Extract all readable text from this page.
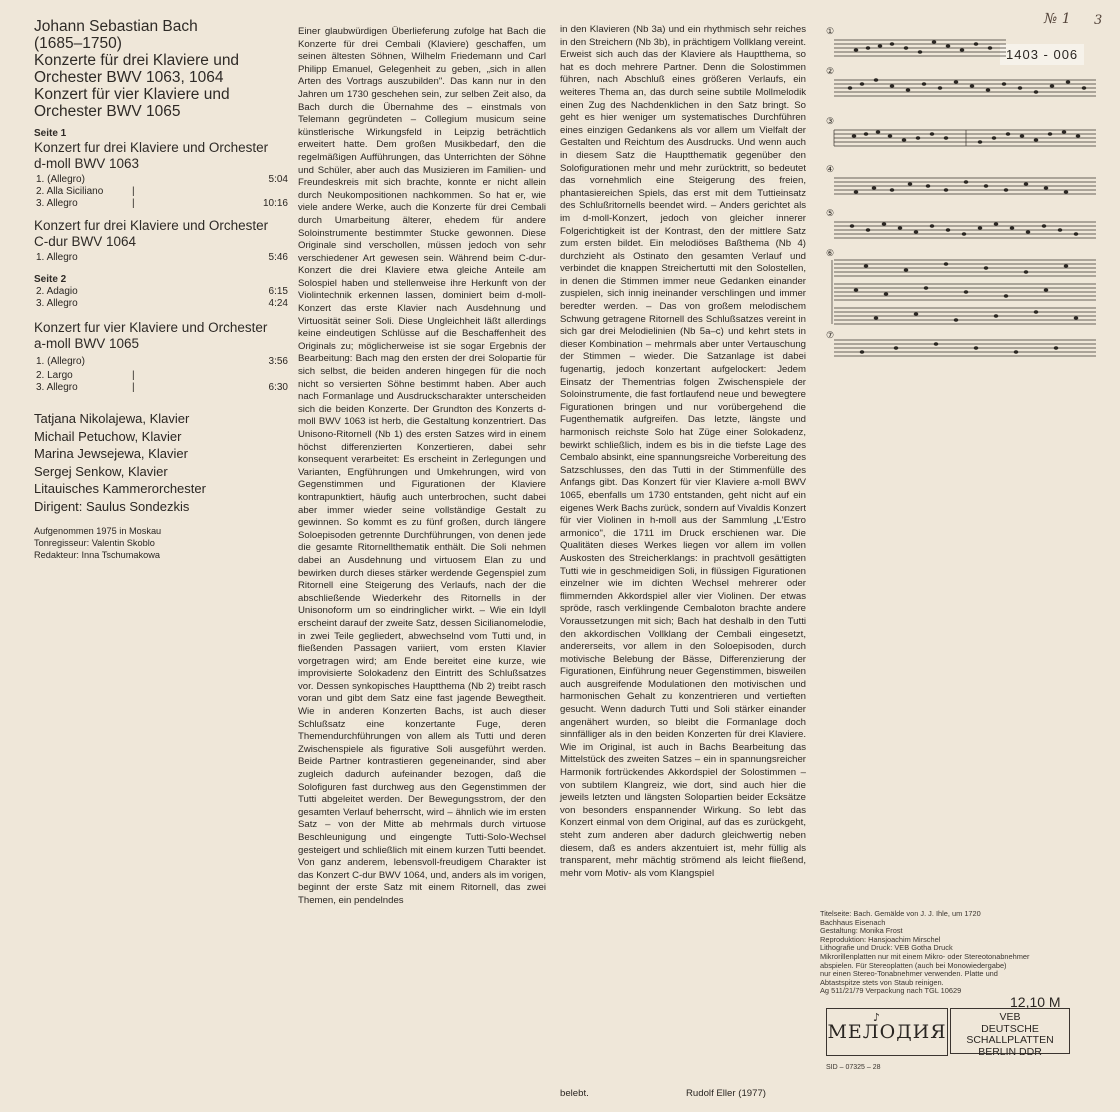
Johann Sebastian Bach
(1685–1750)
Konzerte für drei Klaviere und
Orchester BWV 1063, 1064
Konzert für vier Klaviere und
Orchester BWV 1065
Seite 1
Konzert fur drei Klaviere und Orchester
d-moll BWV 1063
1. (Allegro)	5:04
2. Alla Siciliano	|
3. Allegro	|	10:16
Konzert fur drei Klaviere und Orchester
C-dur BWV 1064
1. Allegro	5:46
Seite 2
2. Adagio	6:15
3. Allegro	4:24
Konzert fur vier Klaviere und Orchester
a-moll BWV 1065
1. (Allegro)	3:56
2. Largo	|
3. Allegro	|	6:30
Tatjana Nikolajewa, Klavier
Michail Petuchow, Klavier
Marina Jewsejewa, Klavier
Sergej Senkow, Klavier
Litauisches Kammerorchester
Dirigent: Saulus Sondezkis
Aufgenommen 1975 in Moskau
Tonregisseur: Valentin Skoblo
Redakteur: Inna Tschumakowa

Einer glaubwürdigen Überlieferung zufolge hat Bach die Konzerte für drei Cembali (Klaviere) geschaffen, um seinen ältesten Söhnen, Wilhelm Friedemann und Carl Philipp Emanuel, Gelegenheit zu geben, „sich in allen Arten des Vortrags auszubilden". Das kann nur in den Jahren um 1730 geschehen sein, zur selben Zeit also, da Bach durch die Übernahme des – einstmals von Telemann gegründeten – Collegium musicum seine künstlerische Wirkungsfeld in Leipzig beträchtlich erweitert hatte. Dem großen Musikbedarf, den die regelmäßigen Aufführungen, das Unterrichten der Söhne und Schüler, aber auch das Musizieren im Familien- und Freundeskreis mit sich brachte, konnte er nicht allein durch Neukompositionen nachkommen. So hat er, wie viele andere Werke, auch die Konzerte für drei Cembali durch Umarbeitung älterer, ehedem für andere Soloinstrumente bestimmter Stucke gewonnen. Diese Originale sind verschollen, müssen jedoch von sehr verschiedener Art gewesen sein. Während beim C-dur-Konzert die drei Klaviere etwa gleiche Anteile am Solospiel haben und stellenweise ihre Herkunft von der Violintechnik erkennen lassen, dominiert beim d-moll-Konzert das erste Klavier nach Ausdehnung und Virtuosität seiner Soli. Diese Ungleichheit läßt allerdings keine eindeutigen Schlüsse auf die Beschaffenheit des Originals zu; möglicherweise ist sie sogar Ergebnis der Bearbeitung: Bach mag den ersten der drei Solopartie für sich selbst, die beiden anderen hingegen für die noch nicht so versierten Söhne bestimmt haben. Aber auch nach Formanlage und Ausdruckscharakter unterscheiden sich die beiden Konzerte. Der Grundton des Konzerts d-moll BWV 1063 ist herb, die Gestaltung konzentriert. Das Unisono-Ritornell (Nb 1) des ersten Satzes wird in einem höchst differenzierten Konzertieren, dabei sehr konsequent verarbeitet: Es erscheint in Zerlegungen und Varianten, Engführungen und Umkehrungen, wird von Gegenstimmen und Figurationen der Klaviere kontrapunktiert, häufig auch unterbrochen, sucht dabei aber immer wieder seine vollständige Gestalt zu gewinnen. So kommt es zu fünf großen, durch längere Soloepisoden getrennte Durchführungen, von denen jede die gesamte Ritornellthematik enthält. Die Soli nehmen dabei an Ausdehnung und virtuosem Elan zu und bewirken durch dieses stärker werdende Gegenspiel zum Ritornell eine Steigerung des Verlaufs, nach der die abschließende Wiederkehr des Ritornells in der Unisonoform um so eindringlicher wirkt. – Wie ein Idyll erscheint darauf der zweite Satz, dessen Sicilianomelodie, in zwei Teile gegliedert, abwechselnd vom Tutti und, in fließenden Passagen variiert, vom ersten Klavier vorgetragen wird; am Ende bereitet eine kurze, wie improvisierte Solokadenz den Eintritt des Schlußsatzes vor. Dessen synkopisches Hauptthema (Nb 2) treibt rasch voran und gibt dem Satz eine fast jagende Bewegtheit. Wie in anderen Konzerten Bachs, ist auch dieser Schlußsatz eine konzertante Fuge, deren Themendurchführungen von allem als Tutti und deren Zwischenspiele als figurative Soli ausgeführt werden. Beide Partner kontrastieren gegeneinander, sind aber zugleich dadurch aufeinander bezogen, daß die Solofiguren fast durchweg aus den Gegenstimmen der Tutti abgeleitet werden. Der Bewegungsstrom, der den gesamten Verlauf beherrscht, wird – ähnlich wie im ersten Satz – von der Mitte ab mehrmals durch virtuose Beschleunigung und eingengte Tutti-Solo-Wechsel gesteigert und schließlich mit einem kurzen Tutti beendet. Von ganz anderem, lebensvoll-freudigem Charakter ist das Konzert C-dur BWV 1064, und, anders als im vorigen, beginnt der erste Satz mit einem Ritornell, das zwei Themen, ein pendelndes

in den Klavieren (Nb 3a) und ein rhythmisch sehr reiches in den Streichern (Nb 3b), in prächtigem Vollklang vereint. Erweist sich auch das der Klaviere als Hauptthema, so hat es doch mehrere Partner. Denn die Solostimmen führen, nach Abschluß eines größeren Verlaufs, ein weiteres Thema an, das durch seine subtile Mollmelodik einen Zug des Nachdenklichen in den Satz bringt. So geht es hier weniger um systematisches Durchführen eines einzigen Gedankens als vor allem um Vielfalt der Gestalten und Reichtum des Ausdrucks. Und wenn auch in diesem Satz die Hauptthematik gegenüber den Solofigurationen mehr und mehr zurücktritt, so bedeutet das vornehmlich eine Steigerung des freien, phantasiereichen Spiels, das erst mit dem Tuttieinsatz des Schlußritornells beendet wird. – Anders gerichtet als im d-moll-Konzert, jedoch von gleicher innerer Folgerichtigkeit ist der Kontrast, den der mittlere Satz zum ersten bildet. Ein melodiöses Baßthema (Nb 4) durchzieht als Ostinato den gesamten Verlauf und verbindet die knappen Streichertutti mit den Solostellen, in denen die Stimmen immer neue Gedanken einander zuspielen, sich innig ineinander verschlingen und immer beredter werden. – Das von großem melodischem Schwung getragene Ritornell des Schlußsatzes vereint in sich gar drei Melodielinien (Nb 5a–c) und kehrt stets in dieser Kombination – mehrmals aber unter Vertauschung der Stimmen – wieder. Die Satzanlage ist dabei fugenartig, jedoch konzertant aufgelockert: Jedem Einsatz der Thementrias folgen Zwischenspiele der Soloinstrumente, die fast fortlaufend neue und bewegtere Figurationen bringen und nur vorübergehend die Fugenthematik aufgreifen. Das letzte, längste und harmonisch reichste Solo hat Züge einer Solokadenz, bewirkt schließlich, indem es bis in die tiefste Lage des Cembalo absinkt, eine spannungsreiche Vorbereitung des Satzschlusses, den das Tutti in der Stimmenfülle des Anfangs gibt. Das Konzert für vier Klaviere a-moll BWV 1065, ebenfalls um 1730 entstanden, geht nicht auf ein eigenes Werk Bachs zurück, sondern auf Vivaldis Konzert für vier Violinen in h-moll aus der Sammlung „L'Estro armonico", die 1711 im Druck erschienen war. Die Qualitäten dieses Werkes liegen vor allem im vollen Auskosten des Streicherklangs: in prachtvoll gesättigten Tutti wie in geschmeidigen Soli, in flüssigen Figurationen einzelner wie im dichten Wechsel mehrerer oder flimmernden Akkordspiel aller vier Violinen. Der etwas spröde, rasch verklingende Cembaloton brachte andere Voraussetzungen mit sich; Bach hat deshalb in den Tutti den akkordischen Vollklang der Cembali eingesetzt, andererseits, vor allem in den Soloepisoden, durch motivische Belebung der Bässe, Differenzierung der Figurationen, Einführung neuer Gegenstimmen, bisweilen auch ausgreifende Modulationen den motivischen und harmonischen Gehalt zu konzentrieren und vertieften gesucht. Wenn dadurch Tutti und Soli stärker einander angenähert wurden, so bleibt die Formanlage doch sinnfälliger als in den beiden Konzerten für drei Klaviere. Wie im Original, ist auch in Bachs Bearbeitung das Mittelstück des zweiten Satzes – ein in spannungsreicher Harmonik fortrückendes Akkordspiel der Solostimmen – von subtilem Klangreiz, wie dort, sind auch hier die jeweils letzten und längsten Solopartien beider Ecksätze von besonders enspannender Wirkung. So lebt das Konzert einmal von dem Original, auf das es zurückgeht, steht zum anderen aber dadurch gleichwertig neben diesem, daß es anders akzentuiert ist, mehr füllig als transparent, mehr mächtig strömend als leicht fließend, mehr vom Motiv- als vom Klangspiel

belebt.	Rudolf Eller (1977)
№ 1 3
1403 - 006
①
②
③
④
⑤
⑥
⑦
Titelseite: Bach. Gemälde von J. J. Ihle, um 1720
Bachhaus Eisenach
Gestaltung: Monika Frost
Reproduktion: Hansjoachim Mirschel
Lithografie und Druck: VEB Gotha Druck
Mikrorillenplatten nur mit einem Mikro- oder Stereotonabnehmer
abspielen. Für Stereoplatten (auch bei Monowiedergabe)
nur einen Stereo-Tonabnehmer verwenden. Platte und
Abtastspitze stets von Staub reinigen.
Ag 511/21/79 Verpackung nach TGL 10629
12,10 M
♪
МЕЛОДИЯ
VEB
DEUTSCHE
SCHALLPLATTEN
BERLIN DDR
SID – 07325 – 28
